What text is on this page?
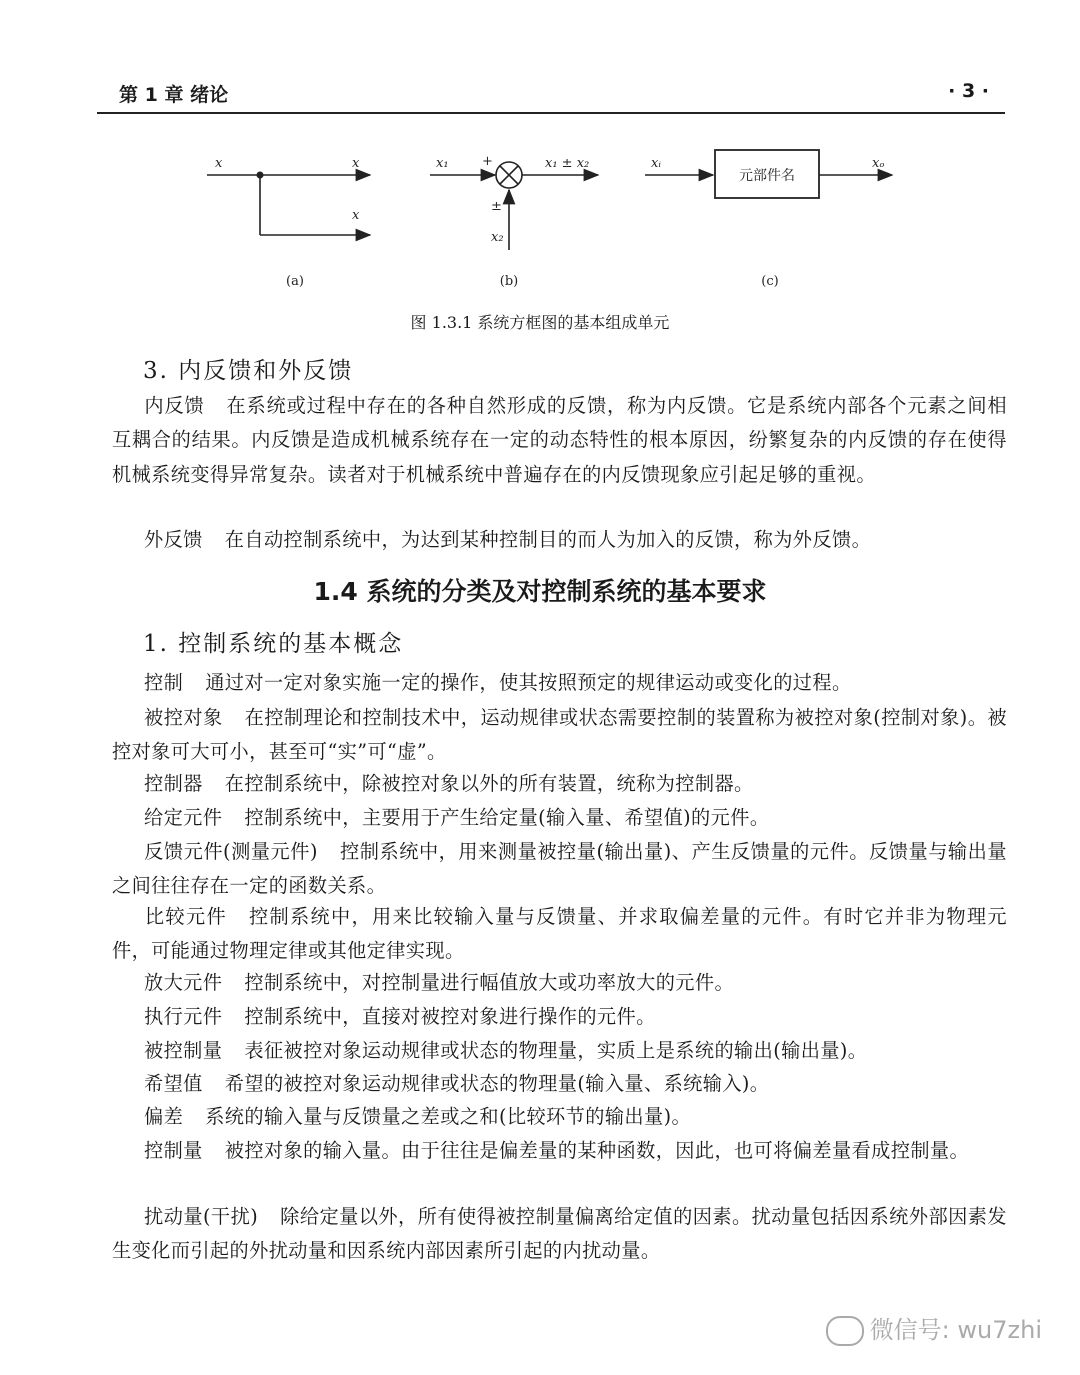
第 1 章 绪论	· 3 ·
x	x
x
x₁	+	x₁ ± x₂
±
x₂
xᵢ
元部件名
xₒ
(a)	(b)	(c)
图 1.3.1 系统方框图的基本组成单元
3. 内反馈和外反馈

内反馈 在系统或过程中存在的各种自然形成的反馈，称为内反馈。它是系统内部各个元素之间相互耦合的结果。内反馈是造成机械系统存在一定的动态特性的根本原因，纷繁复杂的内反馈的存在使得机械系统变得异常复杂。读者对于机械系统中普遍存在的内反馈现象应引起足够的重视。

外反馈 在自动控制系统中，为达到某种控制目的而人为加入的反馈，称为外反馈。

1.4 系统的分类及对控制系统的基本要求
1. 控制系统的基本概念

控制 通过对一定对象实施一定的操作，使其按照预定的规律运动或变化的过程。

被控对象 在控制理论和控制技术中，运动规律或状态需要控制的装置称为被控对象(控制对象)。被控对象可大可小，甚至可“实”可“虚”。

控制器 在控制系统中，除被控对象以外的所有装置，统称为控制器。

给定元件 控制系统中，主要用于产生给定量(输入量、希望值)的元件。

反馈元件(测量元件) 控制系统中，用来测量被控量(输出量)、产生反馈量的元件。反馈量与输出量之间往往存在一定的函数关系。

比较元件 控制系统中，用来比较输入量与反馈量、并求取偏差量的元件。有时它并非为物理元件，可能通过物理定律或其他定律实现。

放大元件 控制系统中，对控制量进行幅值放大或功率放大的元件。

执行元件 控制系统中，直接对被控对象进行操作的元件。

被控制量 表征被控对象运动规律或状态的物理量，实质上是系统的输出(输出量)。

希望值 希望的被控对象运动规律或状态的物理量(输入量、系统输入)。

偏差 系统的输入量与反馈量之差或之和(比较环节的输出量)。

控制量 被控对象的输入量。由于往往是偏差量的某种函数，因此，也可将偏差量看成控制量。

扰动量(干扰) 除给定量以外，所有使得被控制量偏离给定值的因素。扰动量包括因系统外部因素发生变化而引起的外扰动量和因系统内部因素所引起的内扰动量。

微信号: wu7zhi
